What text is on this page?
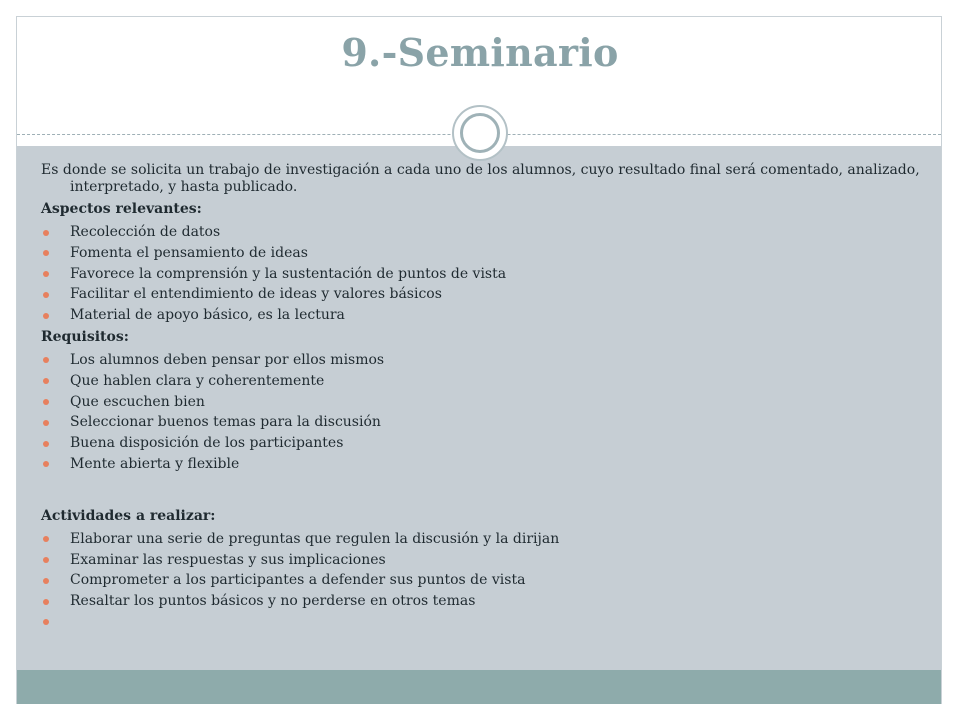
9.-Seminario

Es donde se solicita un trabajo de investigación a cada uno de los alumnos, cuyo resultado final será comentado, analizado, interpretado, y hasta publicado.

Aspectos relevantes:
Recolección de datos
Fomenta el pensamiento de ideas
Favorece la comprensión y la sustentación de puntos de vista
Facilitar el entendimiento de ideas y valores básicos
Material de apoyo básico, es la lectura
Requisitos:
Los alumnos deben pensar por ellos mismos
Que hablen clara y coherentemente
Que escuchen bien
Seleccionar buenos temas para la discusión
Buena disposición de los participantes
Mente abierta y flexible
Actividades a realizar:
Elaborar una serie de preguntas que regulen la discusión y la dirijan
Examinar las respuestas y sus implicaciones
Comprometer a los participantes a defender sus puntos de vista
Resaltar los puntos básicos y no perderse en otros temas
